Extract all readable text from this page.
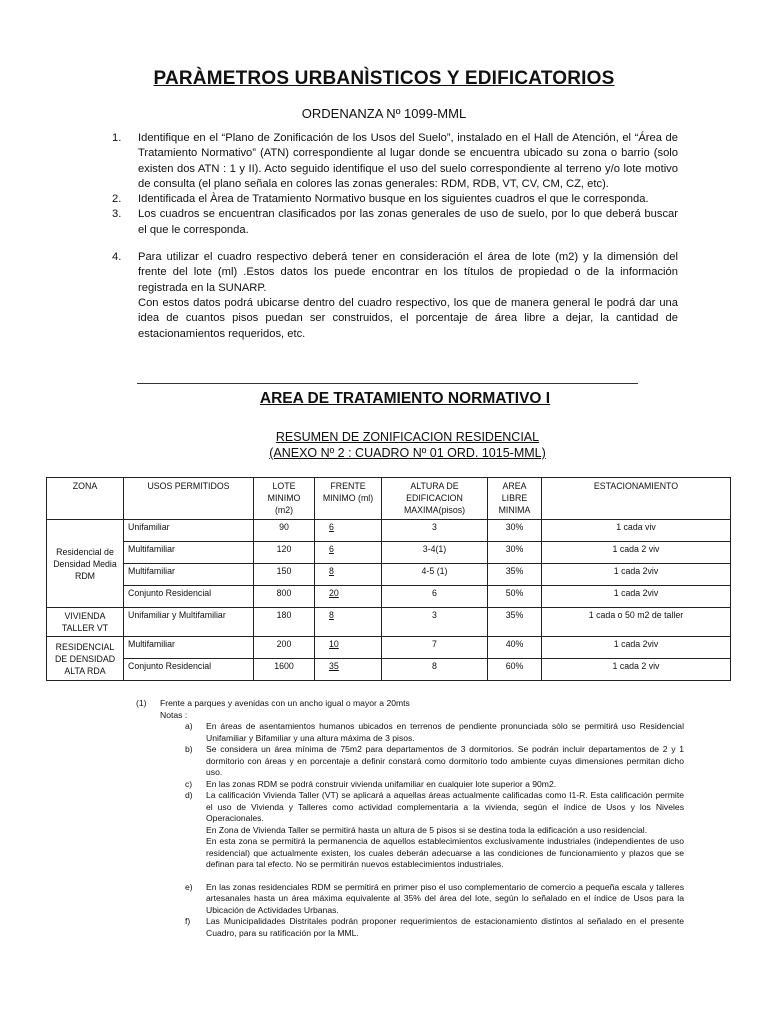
PARÀMETROS URBANÌSTICOS Y EDIFICATORIOS
ORDENANZA Nº 1099-MML
1. Identifique en el “Plano de Zonificación de los Usos del Suelo”, instalado en el Hall de Atención, el “Área de Tratamiento Normativo” (ATN) correspondiente al lugar donde se encuentra ubicado su zona o barrio (solo existen dos ATN : 1 y II). Acto seguido identifique el uso del suelo correspondiente al terreno y/o lote motivo de consulta (el plano señala en colores las zonas generales: RDM, RDB, VT, CV, CM, CZ, etc).
2. Identificada el Àrea de Tratamiento Normativo busque en los siguientes cuadros el que le corresponda.
3. Los cuadros se encuentran clasificados por las zonas generales de uso de suelo, por lo que deberá buscar el que le corresponda.
4. Para utilizar el cuadro respectivo deberá tener en consideración el área de lote (m2) y la dimensión del frente del lote (ml) .Estos datos los puede encontrar en los títulos de propiedad o de la información registrada en la SUNARP.
Con estos datos podrá ubicarse dentro del cuadro respectivo, los que de manera general le podrá dar una idea de cuantos pisos puedan ser construidos, el porcentaje de área libre a dejar, la cantidad de estacionamientos requeridos, etc.
AREA DE TRATAMIENTO NORMATIVO I
RESUMEN DE ZONIFICACION RESIDENCIAL
(ANEXO Nº 2 : CUADRO Nº 01 ORD. 1015-MML)
ZONA	USOS PERMITIDOS	LOTE MINIMO (m2)	FRENTE MINIMO (ml)	ALTURA DE EDIFICACION MAXIMA(pisos)	AREA LIBRE MINIMA	ESTACIONAMIENTO
Residencial de Densidad Media RDM	Unifamiliar	90	6	3	30%	1 cada viv
	Multifamiliar	120	6	3-4(1)	30%	1 cada 2 viv
	Multifamiliar	150	8	4-5 (1)	35%	1 cada 2viv
	Conjunto Residencial	800	20	6	50%	1 cada 2viv
VIVIENDA TALLER VT	Unifamiliar y Multifamiliar	180	8	3	35%	1 cada o 50 m2 de taller
RESIDENCIAL DE DENSIDAD ALTA RDA	Multifamiliar	200	10	7	40%	1 cada 2viv
	Conjunto Residencial	1600	35	8	60%	1 cada 2 viv

(1) Frente a parques y avenidas con un ancho igual o mayor a 20mts

Notas :

a) En áreas de asentamientos humanos ubicados en terrenos de pendiente pronunciada sòlo se permitirá uso Residencial Unifamiliar y Bifamiliar y una altura máxima de 3 pisos.

b) Se considera un área mínima de 75m2 para departamentos de 3 dormitorios. Se podrán incluir departamentos de 2 y 1 dormitorio con áreas y en porcentaje a definir constará como dormitorio todo ambiente cuyas dimensiones permitan dicho uso.

c) En las zonas RDM se podrá construir vivienda unifamiliar en cualquier lote superior a 90m2.

d) La calificación Vivienda Taller (VT) se aplicará a aquellas áreas actualmente calificadas como I1-R. Esta calificación permite el uso de Vivienda y Talleres como actividad complementaria a la vivienda, según el índice de Usos y los Niveles Operacionales.
En Zona de Vivienda Taller se permitirá hasta un altura de 5 pisos si se destina toda la edificación a uso residencial.
En esta zona se permitirá la permanencia de aquellos establecimientos exclusivamente industriales (independientes de uso residencial) que actualmente existen, los cuales deberán adecuarse a las condiciones de funcionamiento y plazos que se definan para tal efecto. No se permitirán nuevos establecimientos industriales.

e) En las zonas residenciales RDM se permitirá en primer piso el uso complementario de comercio a pequeña escala y talleres artesanales hasta un área máxima equivalente al 35% del área del lote, según lo señalado en el índice de Usos para la Ubicación de Actividades Urbanas.

f) Las Municipalidades Distritales podrán proponer requerimientos de estacionamiento distintos al señalado en el presente Cuadro, para su ratificación por la MML.
